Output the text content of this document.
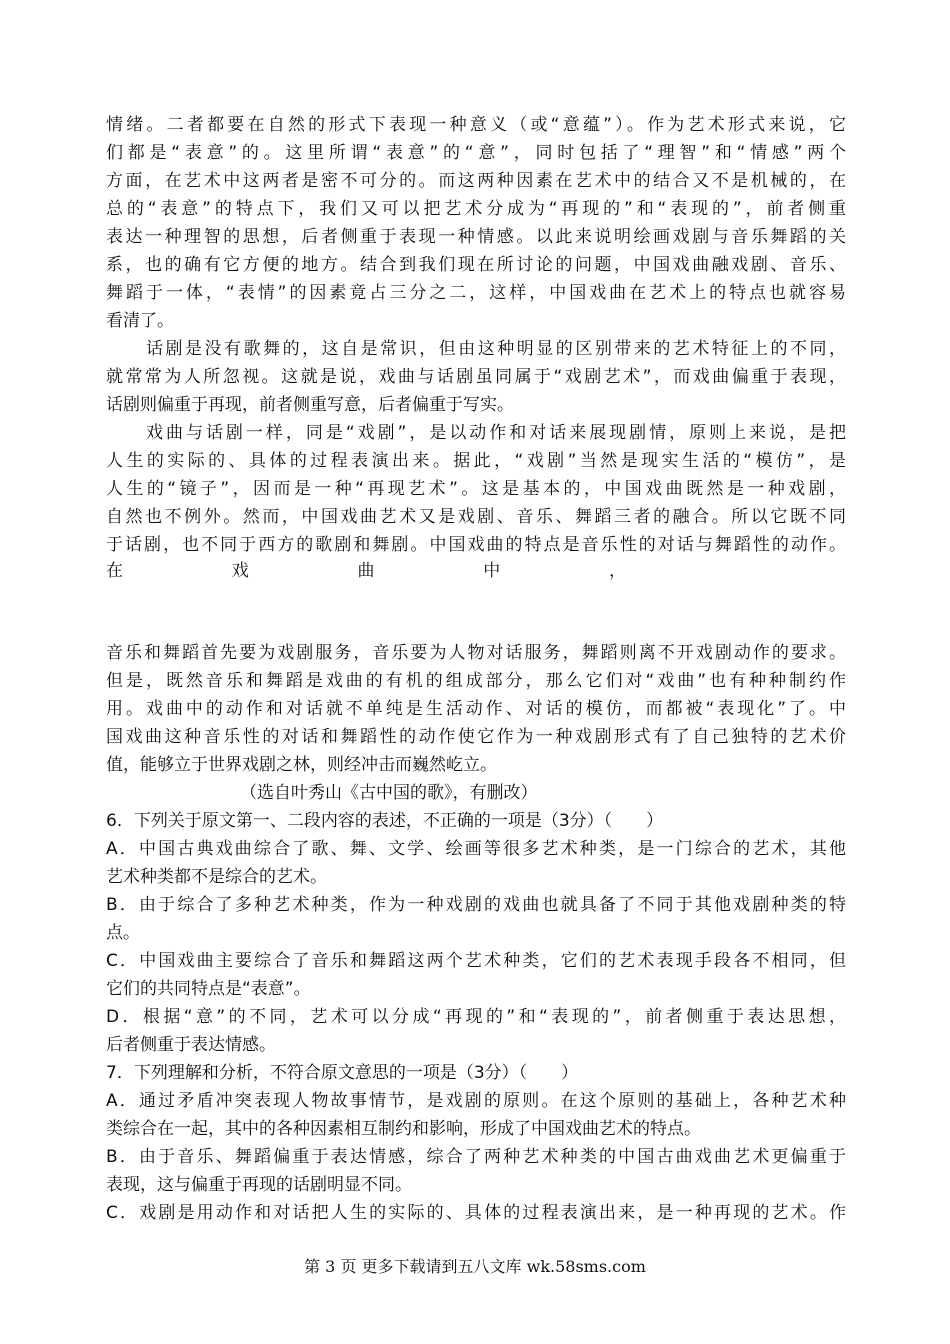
情绪。二者都要在自然的形式下表现一种意义（或“意蕴”）。作为艺术形式来说，它
们都是“表意”的。这里所谓“表意”的“意”，同时包括了“理智”和“情感”两个
方面，在艺术中这两者是密不可分的。而这两种因素在艺术中的结合又不是机械的，在
总的“表意”的特点下，我们又可以把艺术分成为“再现的”和“表现的”，前者侧重
表达一种理智的思想，后者侧重于表现一种情感。以此来说明绘画戏剧与音乐舞蹈的关
系，也的确有它方便的地方。结合到我们现在所讨论的问题，中国戏曲融戏剧、音乐、
舞蹈于一体，“表情”的因素竟占三分之二，这样，中国戏曲在艺术上的特点也就容易
看清了。
话剧是没有歌舞的，这自是常识，但由这种明显的区别带来的艺术特征上的不同，
就常常为人所忽视。这就是说，戏曲与话剧虽同属于“戏剧艺术”，而戏曲偏重于表现，
话剧则偏重于再现，前者侧重写意，后者偏重于写实。
戏曲与话剧一样，同是“戏剧”，是以动作和对话来展现剧情，原则上来说，是把
人生的实际的、具体的过程表演出来。据此，“戏剧”当然是现实生活的“模仿”，是
人生的“镜子”，因而是一种“再现艺术”。这是基本的，中国戏曲既然是一种戏剧，
自然也不例外。然而，中国戏曲艺术又是戏剧、音乐、舞蹈三者的融合。所以它既不同
于话剧，也不同于西方的歌剧和舞剧。中国戏曲的特点是音乐性的对话与舞蹈性的动作。
在	戏	曲	中	，
音乐和舞蹈首先要为戏剧服务，音乐要为人物对话服务，舞蹈则离不开戏剧动作的要求。
但是，既然音乐和舞蹈是戏曲的有机的组成部分，那么它们对“戏曲”也有种种制约作
用。戏曲中的动作和对话就不单纯是生活动作、对话的模仿，而都被“表现化”了。中
国戏曲这种音乐性的对话和舞蹈性的动作使它作为一种戏剧形式有了自己独特的艺术价
值，能够立于世界戏剧之林，则经冲击而巍然屹立。
（选自叶秀山《古中国的歌》，有删改）
6．下列关于原文第一、二段内容的表述，不正确的一项是（3分）（　　）
A．中国古典戏曲综合了歌、舞、文学、绘画等很多艺术种类，是一门综合的艺术，其他
艺术种类都不是综合的艺术。
B．由于综合了多种艺术种类，作为一种戏剧的戏曲也就具备了不同于其他戏剧种类的特
点。
C．中国戏曲主要综合了音乐和舞蹈这两个艺术种类，它们的艺术表现手段各不相同，但
它们的共同特点是“表意”。
D．根据“意”的不同，艺术可以分成“再现的”和“表现的”，前者侧重于表达思想，
后者侧重于表达情感。
7．下列理解和分析，不符合原文意思的一项是（3分）（　　）
A．通过矛盾冲突表现人物故事情节，是戏剧的原则。在这个原则的基础上，各种艺术种
类综合在一起，其中的各种因素相互制约和影响，形成了中国戏曲艺术的特点。
B．由于音乐、舞蹈偏重于表达情感，综合了两种艺术种类的中国古曲戏曲艺术更偏重于
表现，这与偏重于再现的话剧明显不同。
C．戏剧是用动作和对话把人生的实际的、具体的过程表演出来，是一种再现的艺术。作
第 3 页 更多下载请到五八文库 wk.58sms.com
